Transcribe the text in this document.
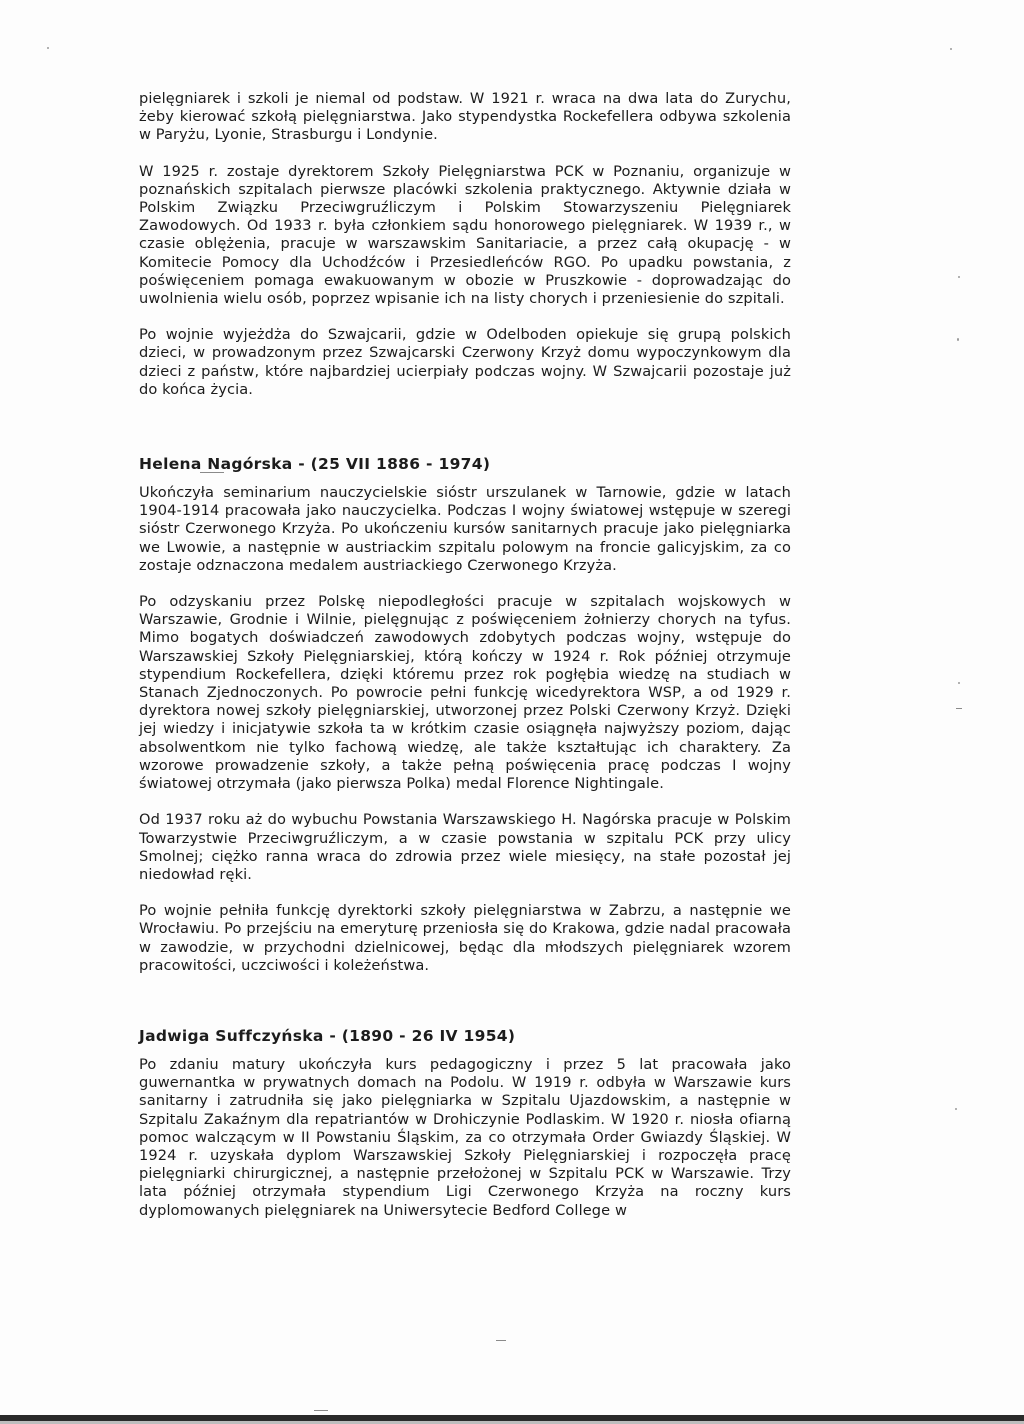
pielęgniarek i szkoli je niemal od podstaw. W 1921 r. wraca na dwa lata do Zurychu, żeby kierować szkołą pielęgniarstwa. Jako stypendystka Rockefellera odbywa szkolenia w Paryżu, Lyonie, Strasburgu i Londynie.

W 1925 r. zostaje dyrektorem Szkoły Pielęgniarstwa PCK w Poznaniu, organizuje w poznańskich szpitalach pierwsze placówki szkolenia praktycznego. Aktywnie działa w Polskim Związku Przeciwgruźliczym i Polskim Stowarzyszeniu Pielęgniarek Zawodowych. Od 1933 r. była członkiem sądu honorowego pielęgniarek. W 1939 r., w czasie oblężenia, pracuje w warszawskim Sanitariacie, a przez całą okupację - w Komitecie Pomocy dla Uchodźców i Przesiedleńców RGO. Po upadku powstania, z poświęceniem pomaga ewakuowanym w obozie w Pruszkowie - doprowadzając do uwolnienia wielu osób, poprzez wpisanie ich na listy chorych i przeniesienie do szpitali.

Po wojnie wyjeżdża do Szwajcarii, gdzie w Odelboden opiekuje się grupą polskich dzieci, w prowadzonym przez Szwajcarski Czerwony Krzyż domu wypoczynkowym dla dzieci z państw, które najbardziej ucierpiały podczas wojny. W Szwajcarii pozostaje już do końca życia.

Helena Nagórska - (25 VII 1886 - 1974)

Ukończyła seminarium nauczycielskie sióstr urszulanek w Tarnowie, gdzie w latach 1904-1914 pracowała jako nauczycielka. Podczas I wojny światowej wstępuje w szeregi sióstr Czerwonego Krzyża. Po ukończeniu kursów sanitarnych pracuje jako pielęgniarka we Lwowie, a następnie w austriackim szpitalu polowym na froncie galicyjskim, za co zostaje odznaczona medalem austriackiego Czerwonego Krzyża.

Po odzyskaniu przez Polskę niepodległości pracuje w szpitalach wojskowych w Warszawie, Grodnie i Wilnie, pielęgnując z poświęceniem żołnierzy chorych na tyfus. Mimo bogatych doświadczeń zawodowych zdobytych podczas wojny, wstępuje do Warszawskiej Szkoły Pielęgniarskiej, którą kończy w 1924 r. Rok później otrzymuje stypendium Rockefellera, dzięki któremu przez rok pogłębia wiedzę na studiach w Stanach Zjednoczonych. Po powrocie pełni funkcję wicedyrektora WSP, a od 1929 r. dyrektora nowej szkoły pielęgniarskiej, utworzonej przez Polski Czerwony Krzyż. Dzięki jej wiedzy i inicjatywie szkoła ta w krótkim czasie osiągnęła najwyższy poziom, dając absolwentkom nie tylko fachową wiedzę, ale także kształtując ich charaktery. Za wzorowe prowadzenie szkoły, a także pełną poświęcenia pracę podczas I wojny światowej otrzymała (jako pierwsza Polka) medal Florence Nightingale.

Od 1937 roku aż do wybuchu Powstania Warszawskiego H. Nagórska pracuje w Polskim Towarzystwie Przeciwgruźliczym, a w czasie powstania w szpitalu PCK przy ulicy Smolnej; ciężko ranna wraca do zdrowia przez wiele miesięcy, na stałe pozostał jej niedowład ręki.

Po wojnie pełniła funkcję dyrektorki szkoły pielęgniarstwa w Zabrzu, a następnie we Wrocławiu. Po przejściu na emeryturę przeniosła się do Krakowa, gdzie nadal pracowała w zawodzie, w przychodni dzielnicowej, będąc dla młodszych pielęgniarek wzorem pracowitości, uczciwości i koleżeństwa.

Jadwiga Suffczyńska - (1890 - 26 IV 1954)

Po zdaniu matury ukończyła kurs pedagogiczny i przez 5 lat pracowała jako guwernantka w prywatnych domach na Podolu. W 1919 r. odbyła w Warszawie kurs sanitarny i zatrudniła się jako pielęgniarka w Szpitalu Ujazdowskim, a następnie w Szpitalu Zakaźnym dla repatriantów w Drohiczynie Podlaskim. W 1920 r. niosła ofiarną pomoc walczącym w II Powstaniu Śląskim, za co otrzymała Order Gwiazdy Śląskiej. W 1924 r. uzyskała dyplom Warszawskiej Szkoły Pielęgniarskiej i rozpoczęła pracę pielęgniarki chirurgicznej, a następnie przełożonej w Szpitalu PCK w Warszawie. Trzy lata później otrzymała stypendium Ligi Czerwonego Krzyża na roczny kurs dyplomowanych pielęgniarek na Uniwersytecie Bedford College w
